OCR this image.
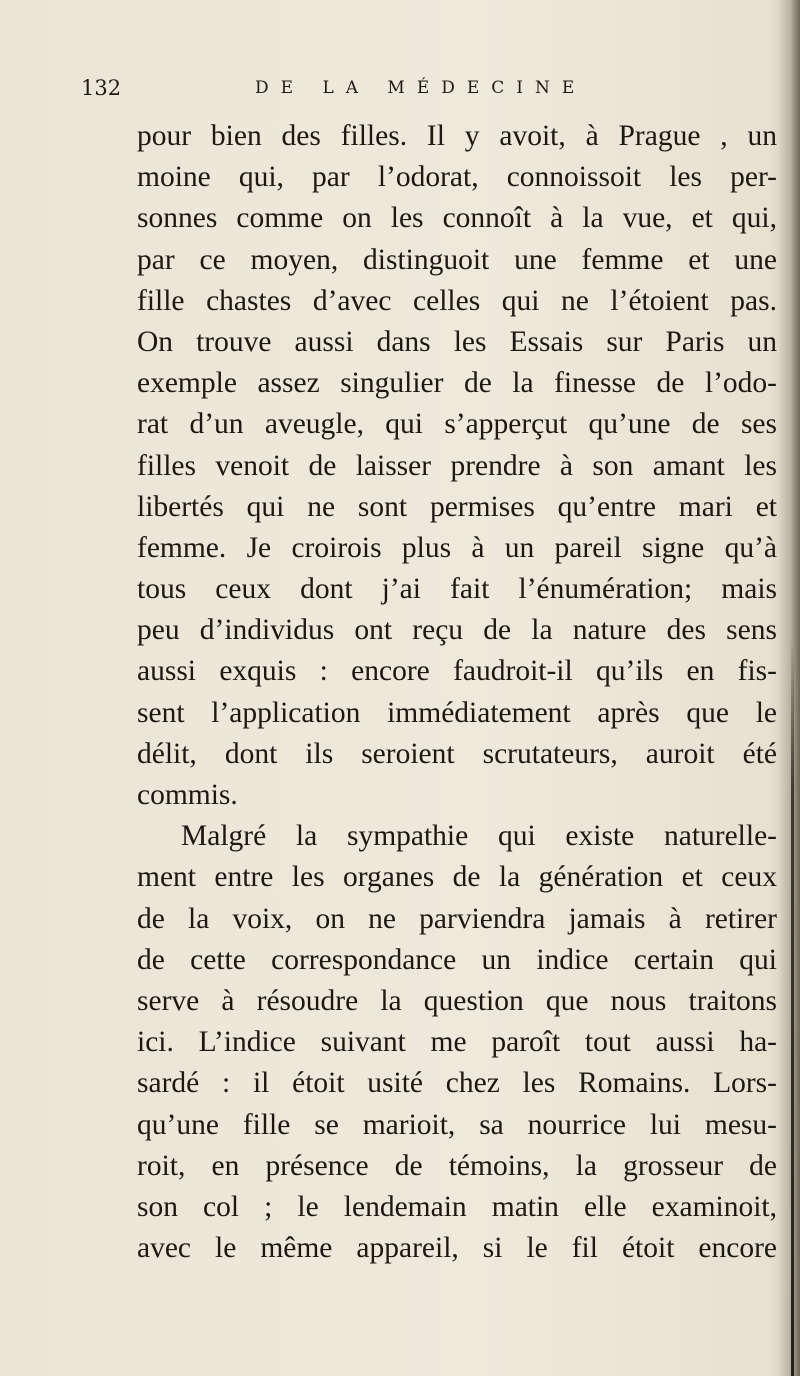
132	DE LA MÉDECINE
pour bien des filles. Il y avoit, à Prague , un
moine qui, par l’odorat, connoissoit les per-
sonnes comme on les connoît à la vue, et qui,
par ce moyen, distinguoit une femme et une
fille chastes d’avec celles qui ne l’étoient pas.
On trouve aussi dans les Essais sur Paris un
exemple assez singulier de la finesse de l’odo-
rat d’un aveugle, qui s’apperçut qu’une de ses
filles venoit de laisser prendre à son amant les
libertés qui ne sont permises qu’entre mari et
femme. Je croirois plus à un pareil signe qu’à
tous ceux dont j’ai fait l’énumération; mais
peu d’individus ont reçu de la nature des sens
aussi exquis : encore faudroit-il qu’ils en fis-
sent l’application immédiatement après que le
délit, dont ils seroient scrutateurs, auroit été
commis.
Malgré la sympathie qui existe naturelle-
ment entre les organes de la génération et ceux
de la voix, on ne parviendra jamais à retirer
de cette correspondance un indice certain qui
serve à résoudre la question que nous traitons
ici. L’indice suivant me paroît tout aussi ha-
sardé : il étoit usité chez les Romains. Lors-
qu’une fille se marioit, sa nourrice lui mesu-
roit, en présence de témoins, la grosseur de
son col ; le lendemain matin elle examinoit,
avec le même appareil, si le fil étoit encore
